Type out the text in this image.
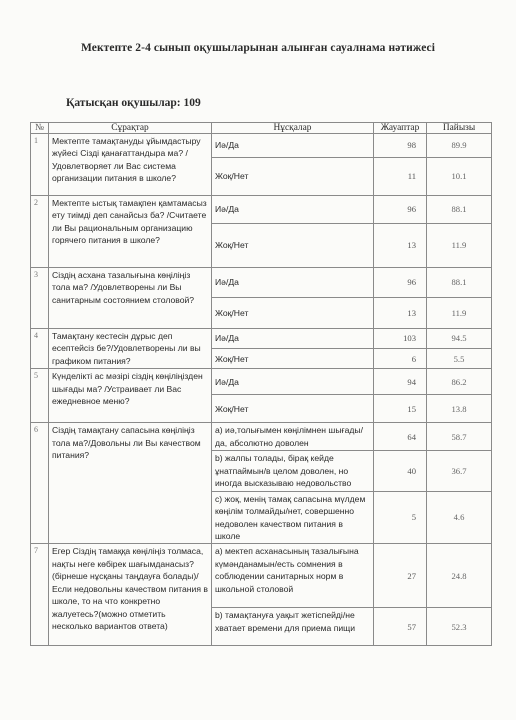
Мектепте 2-4 сынып оқушыларынан алынған сауалнама нәтижесі
Қатысқан оқушылар: 109
№	Сұрақтар	Нұсқалар	Жауаптар	Пайызы
1	Мектепте тамақтануды ұйымдастыру жүйесі Сізді қанағаттандыра ма? /Удовлетворяет ли Вас система организации питания в школе?	Иә/Да	98	89.9
		Жоқ/Нет	11	10.1
2	Мектепте ыстық тамақпен қамтамасыз ету тиімді деп санайсыз ба? /Считаете ли Вы рациональным организацию горячего питания в школе?	Иә/Да	96	88.1
		Жоқ/Нет	13	11.9
3	Сіздің асхана тазалығына көңіліңіз тола ма? /Удовлетворены ли Вы санитарным состоянием столовой?	Иә/Да	96	88.1
		Жоқ/Нет	13	11.9
4	Тамақтану кестесін дұрыс деп есептейсіз бе?/Удовлетворены ли вы графиком питания?	Иә/Да	103	94.5
		Жоқ/Нет	6	5.5
5	Күнделікті ас мәзірі сіздің көңіліңізден шығады ма? /Устраивает ли Вас ежедневное меню?	Иә/Да	94	86.2
		Жоқ/Нет	15	13.8
6	Сіздің тамақтану сапасына көңіліңіз тола ма?/Довольны ли Вы качеством питания?	а) иә,толығымен көңілімнен шығады/да, абсолютно доволен	64	58.7
		b) жалпы толады, бірақ кейде ұнатпаймын/в целом доволен, но иногда высказываю недовольство	40	36.7
		с) жоқ, менің тамақ сапасына мүлдем көңілім толмайды/нет, совершенно недоволен качеством питания в школе	5	4.6
7	Егер Сіздің тамаққа көңіліңіз толмаса, нақты неге көбірек шағымданасыз?(бірнеше нұсқаны таңдауға болады)/Если недовольны качеством питания в школе, то на что конкретно жалуетесь?(можно отметить несколько вариантов ответа)	а) мектеп асханасының тазалығына күмәнданамын/есть сомнения в соблюдении санитарных норм в школьной столовой	27	24.8
		b) тамақтануға уақыт жетіспейді/не хватает времени для приема пищи	57	52.3
